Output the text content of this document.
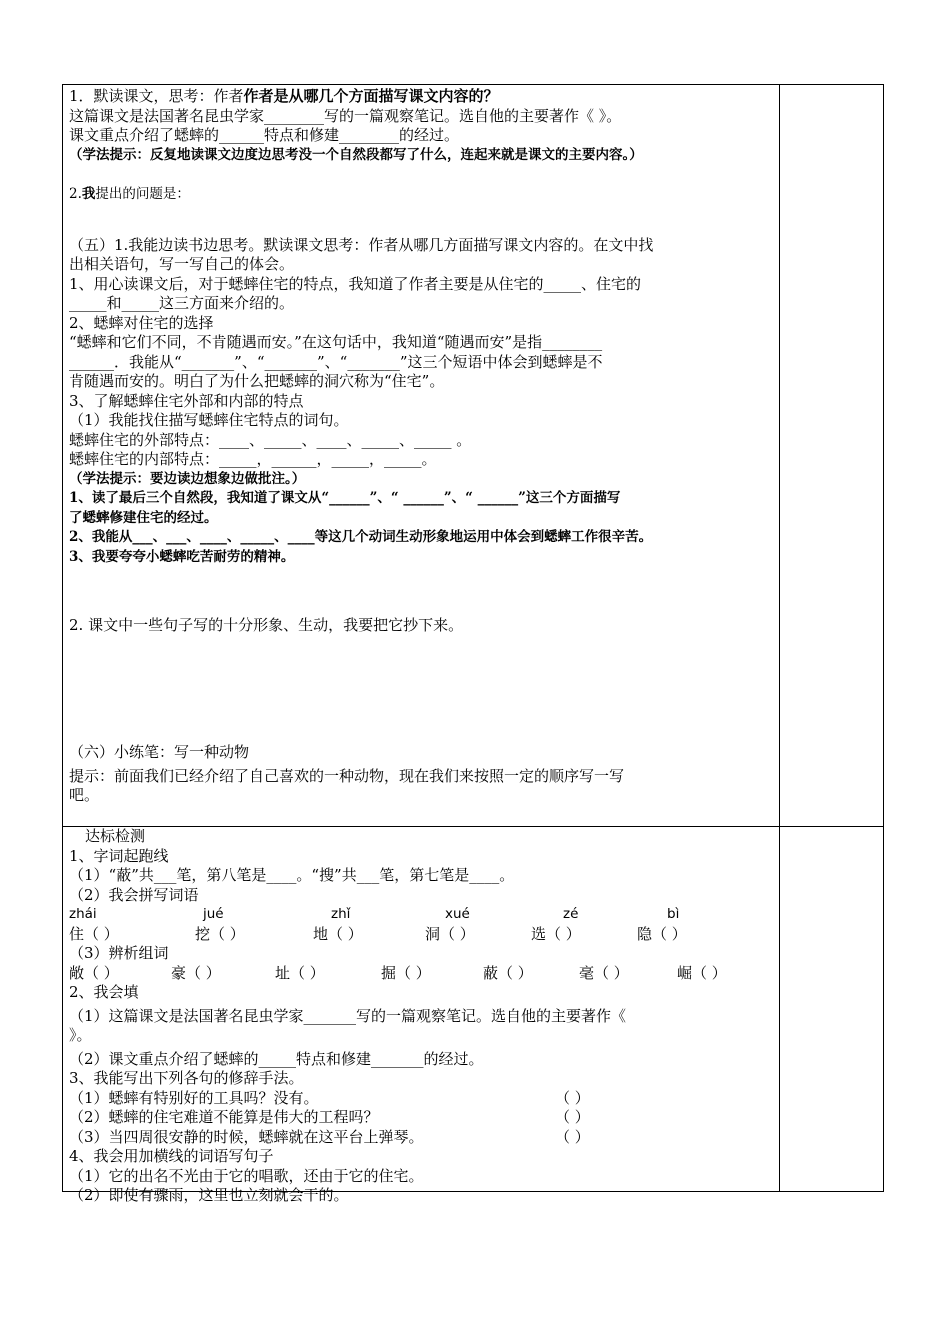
1．默读课文，思考：作者作者是从哪几个方面描写课文内容的？
这篇课文是法国著名昆虫学家________写的一篇观察笔记。选自他的主要著作《 》。
课文重点介绍了蟋蟀的______特点和修建________的经过。
（学法提示：反复地读课文边度边思考没一个自然段都写了什么，连起来就是课文的主要内容。）
2.我提出的问题是：
（五）1.我能边读书边思考。默读课文思考：作者从哪几方面描写课文内容的。在文中找
出相关语句，写一写自己的体会。
1、用心读课文后，对于蟋蟀住宅的特点，我知道了作者主要是从住宅的_____、住宅的
_____和_____这三方面来介绍的。
2、蟋蟀对住宅的选择
“蟋蟀和它们不同，不肯随遇而安。”在这句话中，我知道“随遇而安”是指________
______．我能从“_______”、“_______”、“_______”这三个短语中体会到蟋蟀是不
肯随遇而安的。明白了为什么把蟋蟀的洞穴称为“住宅”。
3、了解蟋蟀住宅外部和内部的特点
（1）我能找住描写蟋蟀住宅特点的词句。
蟋蟀住宅的外部特点：____、_____、____、_____、_____ 。
蟋蟀住宅的内部特点：_____，______，_____，_____。
（学法提示：要边读边想象边做批注。）
1、读了最后三个自然段，我知道了课文从“______”、“ ______”、“ ______”这三个方面描写
了蟋蟀修建住宅的经过。
2、我能从___、___、____、_____、____等这几个动词生动形象地运用中体会到蟋蟀工作很辛苦。
3、我要夸夸小蟋蟀吃苦耐劳的精神。
2. 课文中一些句子写的十分形象、生动，我要把它抄下来。
（六）小练笔：写一种动物
提示：前面我们已经介绍了自己喜欢的一种动物，现在我们来按照一定的顺序写一写
吧。
达标检测
1、字词起跑线
（1）“蔽”共___笔，第八笔是____。“搜”共___笔，第七笔是____。
（2）我会拼写词语
zhái	jué	zhǐ	xué	zé	bì
住（ ）	挖（ ）	地（ ）	洞（ ）	选（ ）	隐（ ）
（3）辨析组词
敞（ ）	豪（ ）	址（ ）	掘（ ）	蔽（ ）	毫（ ）	崛（ ）
2、我会填
（1）这篇课文是法国著名昆虫学家_______写的一篇观察笔记。选自他的主要著作《
》。
（2）课文重点介绍了蟋蟀的_____特点和修建_______的经过。
3、我能写出下列各句的修辞手法。
（1）蟋蟀有特别好的工具吗？没有。	（ ）
（2）蟋蟀的住宅难道不能算是伟大的工程吗？	（ ）
（3）当四周很安静的时候，蟋蟀就在这平台上弹琴。	（ ）
4、我会用加横线的词语写句子
（1）它的出名不光由于它的唱歌，还由于它的住宅。
（2）即使有骤雨，这里也立刻就会干的。
